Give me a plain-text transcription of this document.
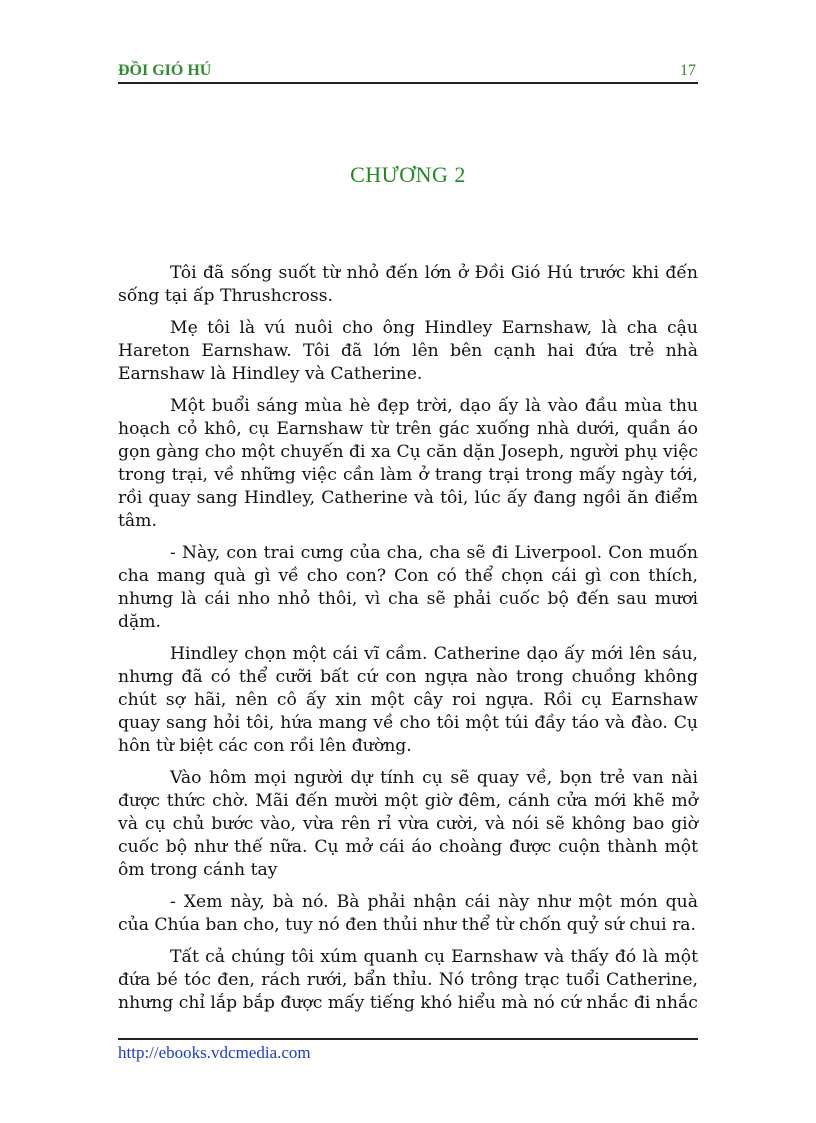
ĐỒI GIÓ HÚ	17
CHƯƠNG 2

Tôi đã sống suốt từ nhỏ đến lớn ở Đồi Gió Hú trước khi đến sống tại ấp Thrushcross.

Mẹ tôi là vú nuôi cho ông Hindley Earnshaw, là cha cậu Hareton Earnshaw. Tôi đã lớn lên bên cạnh hai đứa trẻ nhà Earnshaw là Hindley và Catherine.

Một buổi sáng mùa hè đẹp trời, dạo ấy là vào đầu mùa thu hoạch cỏ khô, cụ Earnshaw từ trên gác xuống nhà dưới, quần áo gọn gàng cho một chuyến đi xa Cụ căn dặn Joseph, người phụ việc trong trại, về những việc cần làm ở trang trại trong mấy ngày tới, rồi quay sang Hindley, Catherine và tôi, lúc ấy đang ngồi ăn điểm tâm.

- Này, con trai cưng của cha, cha sẽ đi Liverpool. Con muốn cha mang quà gì về cho con? Con có thể chọn cái gì con thích, nhưng là cái nho nhỏ thôi, vì cha sẽ phải cuốc bộ đến sau mươi dặm.

Hindley chọn một cái vĩ cầm. Catherine dạo ấy mới lên sáu, nhưng đã có thể cưỡi bất cứ con ngựa nào trong chuồng không chút sợ hãi, nên cô ấy xin một cây roi ngựa. Rồi cụ Earnshaw quay sang hỏi tôi, hứa mang về cho tôi một túi đầy táo và đào. Cụ hôn từ biệt các con rồi lên đường.

Vào hôm mọi người dự tính cụ sẽ quay về, bọn trẻ van nài được thức chờ. Mãi đến mười một giờ đêm, cánh cửa mới khẽ mở và cụ chủ bước vào, vừa rên rỉ vừa cười, và nói sẽ không bao giờ cuốc bộ như thế nữa. Cụ mở cái áo choàng được cuộn thành một ôm trong cánh tay

- Xem này, bà nó. Bà phải nhận cái này như một món quà của Chúa ban cho, tuy nó đen thủi như thể từ chốn quỷ sứ chui ra.

Tất cả chúng tôi xúm quanh cụ Earnshaw và thấy đó là một đứa bé tóc đen, rách rưới, bẩn thỉu. Nó trông trạc tuổi Catherine, nhưng chỉ lắp bắp được mấy tiếng khó hiểu mà nó cứ nhắc đi nhắc

http://ebooks.vdcmedia.com
